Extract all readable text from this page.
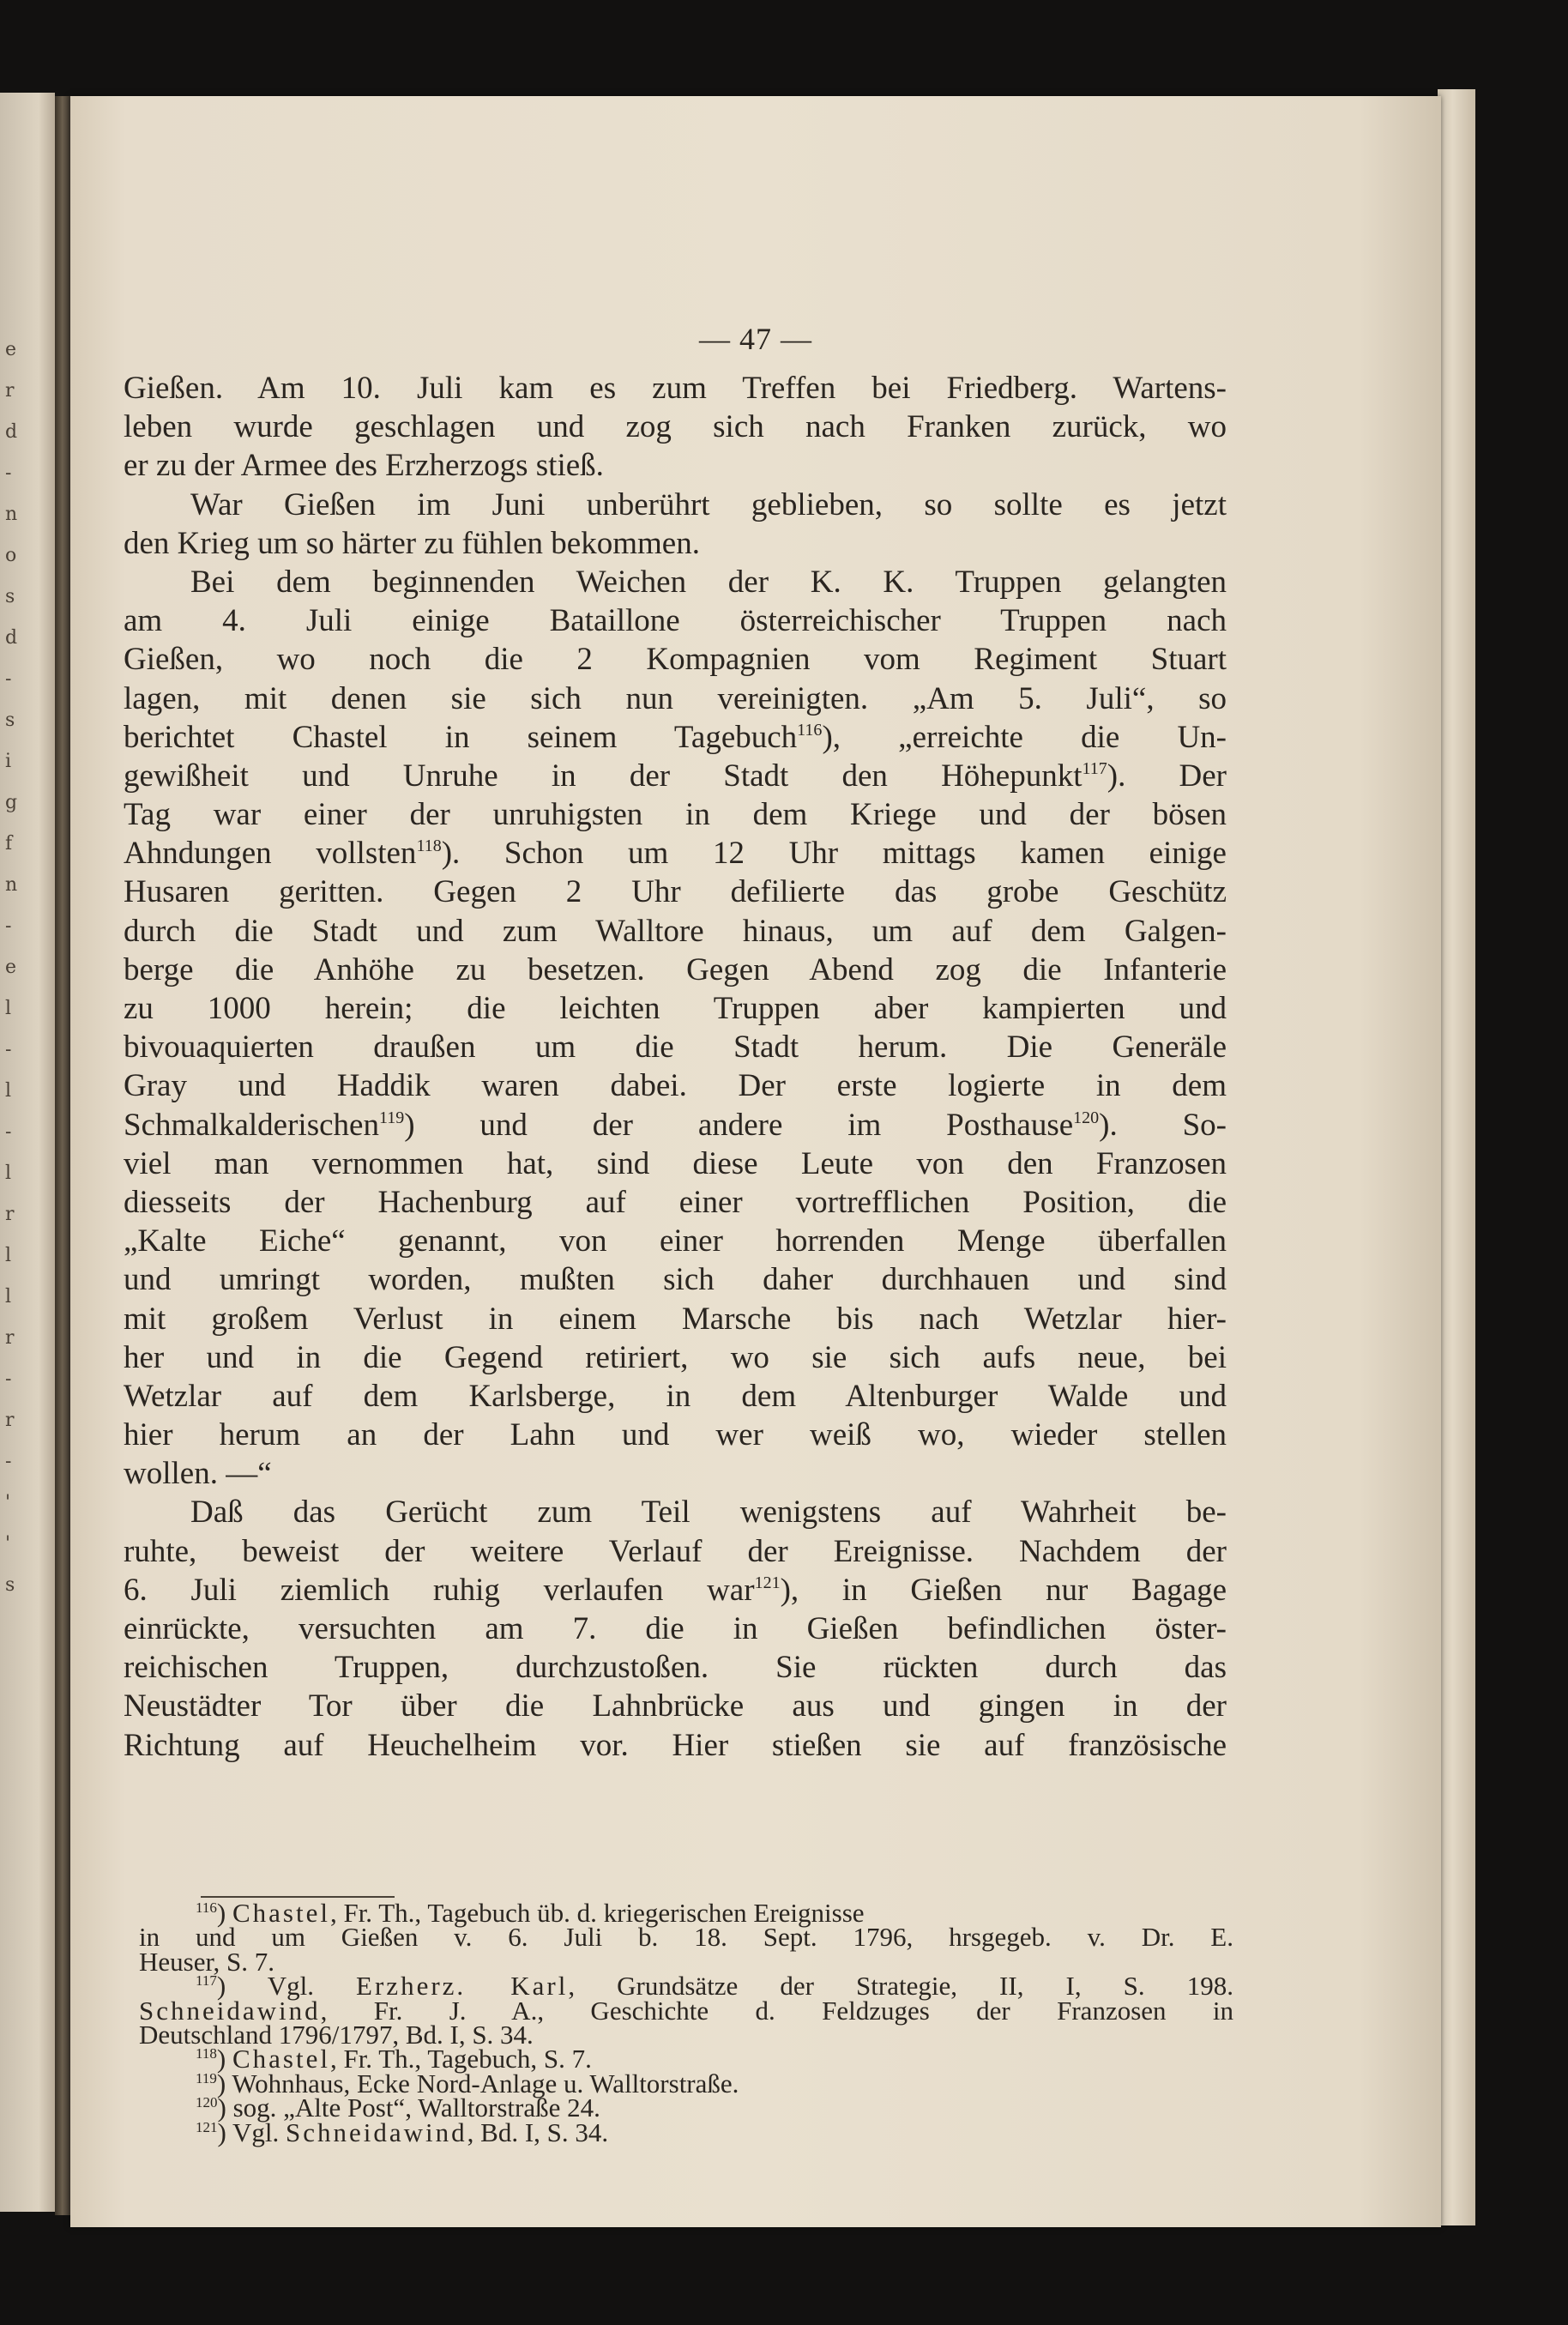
e
r
d
-
n
o
s
d
-
s
i
g
f
n
-
e
l
-
l
-
l
r
l
l
r
-
r
-
'
'
s
— 47 —
Gießen. Am 10. Juli kam es zum Treffen bei Friedberg. Wartens-
leben wurde geschlagen und zog sich nach Franken zurück, wo
er zu der Armee des Erzherzogs stieß.
War Gießen im Juni unberührt geblieben, so sollte es jetzt
den Krieg um so härter zu fühlen bekommen.
Bei dem beginnenden Weichen der K. K. Truppen gelangten
am 4. Juli einige Bataillone österreichischer Truppen nach
Gießen, wo noch die 2 Kompagnien vom Regiment Stuart
lagen, mit denen sie sich nun vereinigten. „Am 5. Juli“, so
berichtet Chastel in seinem Tagebuch$^{116}$), „erreichte die Un-
gewißheit und Unruhe in der Stadt den Höhepunkt$^{117}$). Der
Tag war einer der unruhigsten in dem Kriege und der bösen
Ahndungen vollsten$^{118}$). Schon um 12 Uhr mittags kamen einige
Husaren geritten. Gegen 2 Uhr defilierte das grobe Geschütz
durch die Stadt und zum Walltore hinaus, um auf dem Galgen-
berge die Anhöhe zu besetzen. Gegen Abend zog die Infanterie
zu 1000 herein; die leichten Truppen aber kampierten und
bivouaquierten draußen um die Stadt herum. Die Generäle
Gray und Haddik waren dabei. Der erste logierte in dem
Schmalkalderischen$^{119}$) und der andere im Posthause$^{120}$). So-
viel man vernommen hat, sind diese Leute von den Franzosen
diesseits der Hachenburg auf einer vortrefflichen Position, die
„Kalte Eiche“ genannt, von einer horrenden Menge überfallen
und umringt worden, mußten sich daher durchhauen und sind
mit großem Verlust in einem Marsche bis nach Wetzlar hier-
her und in die Gegend retiriert, wo sie sich aufs neue, bei
Wetzlar auf dem Karlsberge, in dem Altenburger Walde und
hier herum an der Lahn und wer weiß wo, wieder stellen
wollen. —“
Daß das Gerücht zum Teil wenigstens auf Wahrheit be-
ruhte, beweist der weitere Verlauf der Ereignisse. Nachdem der
6. Juli ziemlich ruhig verlaufen war$^{121}$), in Gießen nur Bagage
einrückte, versuchten am 7. die in Gießen befindlichen öster-
reichischen Truppen, durchzustoßen. Sie rückten durch das
Neustädter Tor über die Lahnbrücke aus und gingen in der
Richtung auf Heuchelheim vor. Hier stießen sie auf französische
$^{116}$) Chastel, Fr. Th., Tagebuch üb. d. kriegerischen Ereignisse
in und um Gießen v. 6. Juli b. 18. Sept. 1796, hrsgegeb. v. Dr. E.
Heuser, S. 7.
$^{117}$) Vgl. Erzherz. Karl, Grundsätze der Strategie, II, I, S. 198.
Schneidawind, Fr. J. A., Geschichte d. Feldzuges der Franzosen in
Deutschland 1796/1797, Bd. I, S. 34.
$^{118}$) Chastel, Fr. Th., Tagebuch, S. 7.
$^{119}$) Wohnhaus, Ecke Nord-Anlage u. Walltorstraße.
$^{120}$) sog. „Alte Post“, Walltorstraße 24.
$^{121}$) Vgl. Schneidawind, Bd. I, S. 34.
